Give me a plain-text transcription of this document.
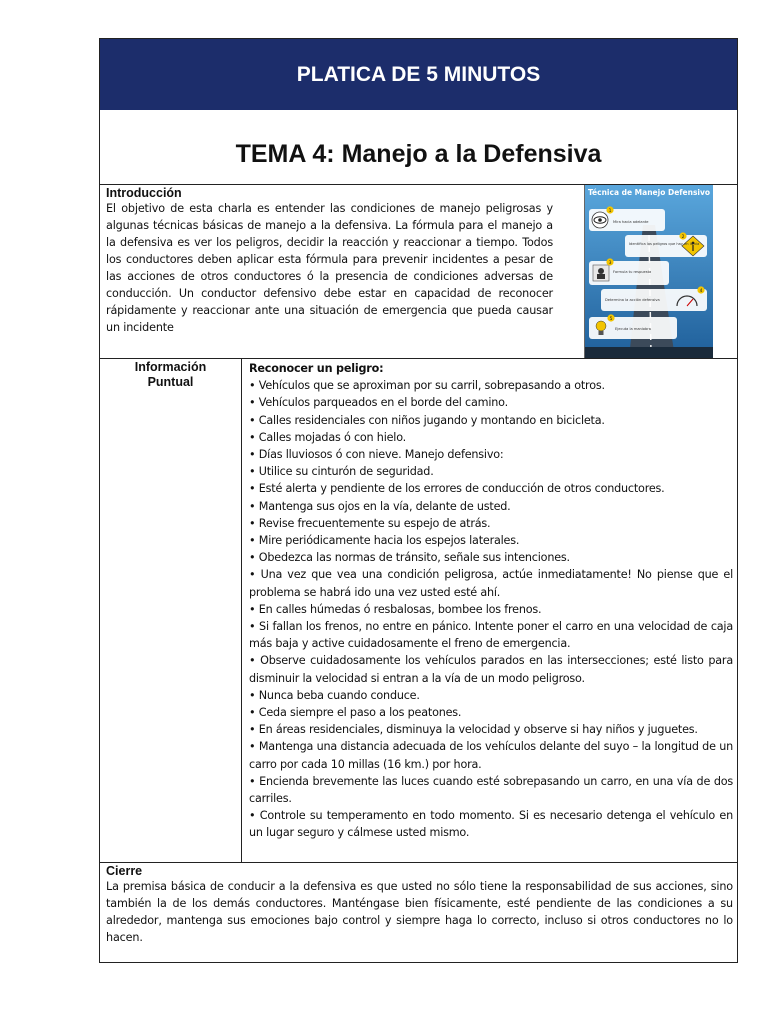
PLATICA DE 5 MINUTOS
TEMA 4: Manejo a la Defensiva
Introducción

El objetivo de esta charla es entender las condiciones de manejo peligrosas y algunas técnicas básicas de manejo a la defensiva. La fórmula para el manejo a la defensiva es ver los peligros, decidir la reacción y reaccionar a tiempo. Todos los conductores deben aplicar esta fórmula para prevenir incidentes a pesar de las acciones de otros conductores ó la presencia de condiciones adversas de conducción. Un conductor defensivo debe estar en capacidad de reconocer rápidamente y reaccionar ante una situación de emergencia que pueda causar un incidente

Técnica de Manejo Defensivo
1
Mira hacia adelante
2
Identifica los peligros que hay en la vía
3
Formula tu respuesta
4
Determina la acción defensiva
5
Ejecuta la maniobra
Información
Puntual

Reconocer un peligro:

• Vehículos que se aproximan por su carril, sobrepasando a otros.

• Vehículos parqueados en el borde del camino.

• Calles residenciales con niños jugando y montando en bicicleta.

• Calles mojadas ó con hielo.

• Días lluviosos ó con nieve. Manejo defensivo:

• Utilice su cinturón de seguridad.

• Esté alerta y pendiente de los errores de conducción de otros conductores.

• Mantenga sus ojos en la vía, delante de usted.

• Revise frecuentemente su espejo de atrás.

• Mire periódicamente hacia los espejos laterales.

• Obedezca las normas de tránsito, señale sus intenciones.

• Una vez que vea una condición peligrosa, actúe inmediatamente! No piense que el problema se habrá ido una vez usted esté ahí.

• En calles húmedas ó resbalosas, bombee los frenos.

• Si fallan los frenos, no entre en pánico. Intente poner el carro en una velocidad de caja más baja y active cuidadosamente el freno de emergencia.

• Observe cuidadosamente los vehículos parados en las intersecciones; esté listo para disminuir la velocidad si entran a la vía de un modo peligroso.

• Nunca beba cuando conduce.

• Ceda siempre el paso a los peatones.

• En áreas residenciales, disminuya la velocidad y observe si hay niños y juguetes.

• Mantenga una distancia adecuada de los vehículos delante del suyo – la longitud de un carro por cada 10 millas (16 km.) por hora.

• Encienda brevemente las luces cuando esté sobrepasando un carro, en una vía de dos carriles.

• Controle su temperamento en todo momento. Si es necesario detenga el vehículo en un lugar seguro y cálmese usted mismo.

Cierre

La premisa básica de conducir a la defensiva es que usted no sólo tiene la responsabilidad de sus acciones, sino también la de los demás conductores. Manténgase bien físicamente, esté pendiente de las condiciones a su alrededor, mantenga sus emociones bajo control y siempre haga lo correcto, incluso si otros conductores no lo hacen.
